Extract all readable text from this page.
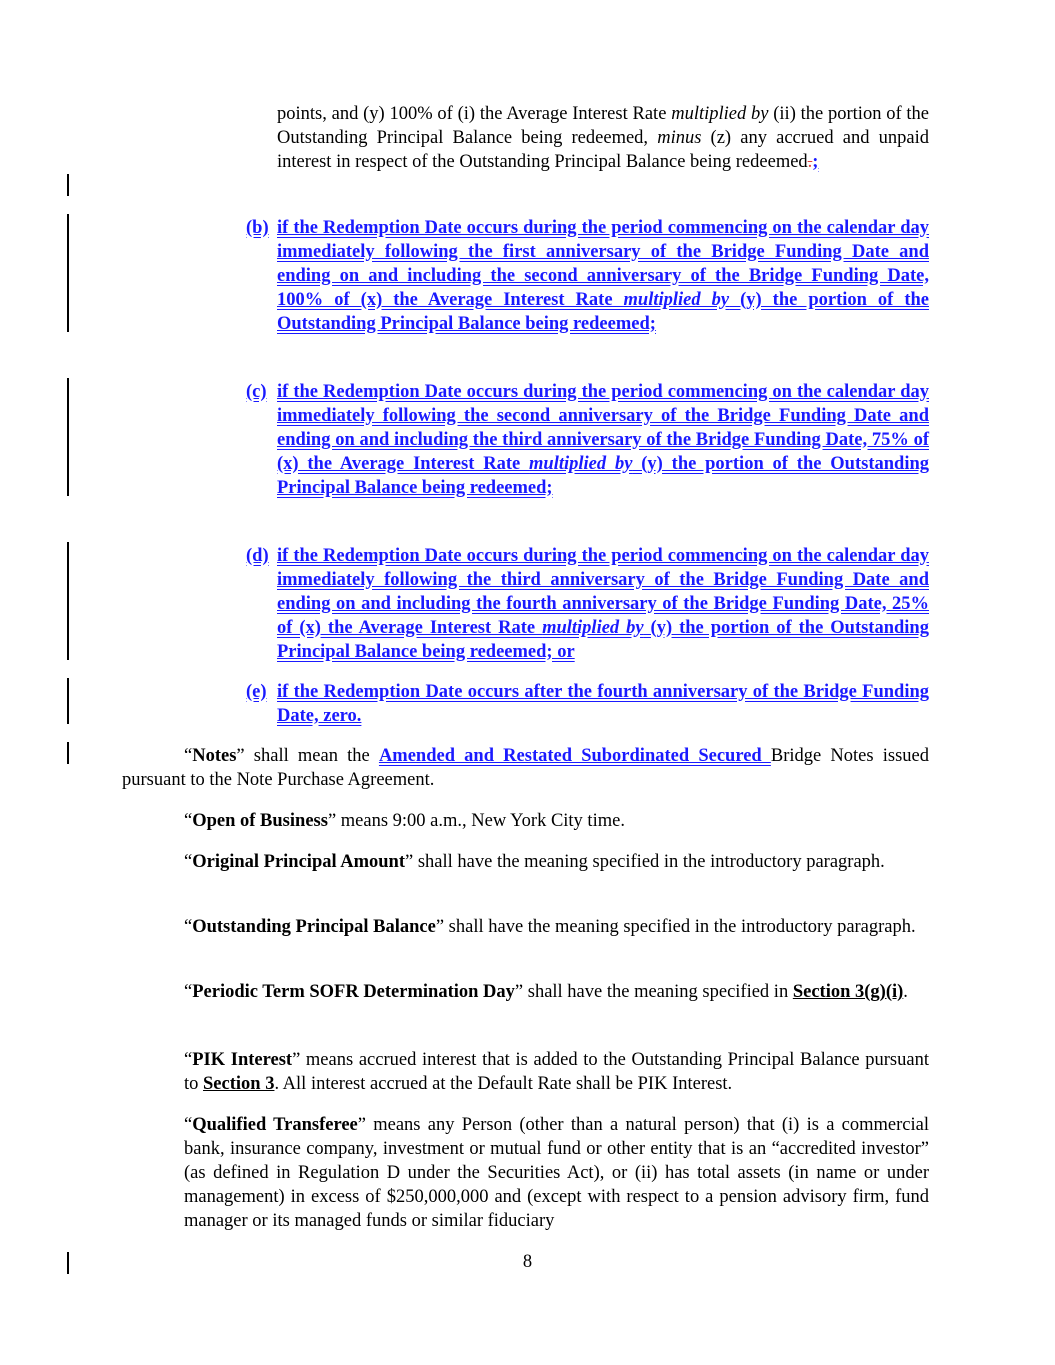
points, and (y) 100% of (i) the Average Interest Rate multiplied by (ii) the portion of the Outstanding Principal Balance being redeemed, minus (z) any accrued and unpaid interest in respect of the Outstanding Principal Balance being redeemed.;
(b) if the Redemption Date occurs during the period commencing on the calendar day immediately following the first anniversary of the Bridge Funding Date and ending on and including the second anniversary of the Bridge Funding Date, 100% of (x) the Average Interest Rate multiplied by (y) the portion of the Outstanding Principal Balance being redeemed;
(c) if the Redemption Date occurs during the period commencing on the calendar day immediately following the second anniversary of the Bridge Funding Date and ending on and including the third anniversary of the Bridge Funding Date, 75% of (x) the Average Interest Rate multiplied by (y) the portion of the Outstanding Principal Balance being redeemed;
(d) if the Redemption Date occurs during the period commencing on the calendar day immediately following the third anniversary of the Bridge Funding Date and ending on and including the fourth anniversary of the Bridge Funding Date, 25% of (x) the Average Interest Rate multiplied by (y) the portion of the Outstanding Principal Balance being redeemed; or
(e) if the Redemption Date occurs after the fourth anniversary of the Bridge Funding Date, zero.
“Notes” shall mean the Amended and Restated Subordinated Secured Bridge Notes issued pursuant to the Note Purchase Agreement.
“Open of Business” means 9:00 a.m., New York City time.
“Original Principal Amount” shall have the meaning specified in the introductory paragraph.
“Outstanding Principal Balance” shall have the meaning specified in the introductory paragraph.
“Periodic Term SOFR Determination Day” shall have the meaning specified in Section 3(g)(i).
“PIK Interest” means accrued interest that is added to the Outstanding Principal Balance pursuant to Section 3. All interest accrued at the Default Rate shall be PIK Interest.
“Qualified Transferee” means any Person (other than a natural person) that (i) is a commercial bank, insurance company, investment or mutual fund or other entity that is an “accredited investor” (as defined in Regulation D under the Securities Act), or (ii) has total assets (in name or under management) in excess of $250,000,000 and (except with respect to a pension advisory firm, fund manager or its managed funds or similar fiduciary
8
